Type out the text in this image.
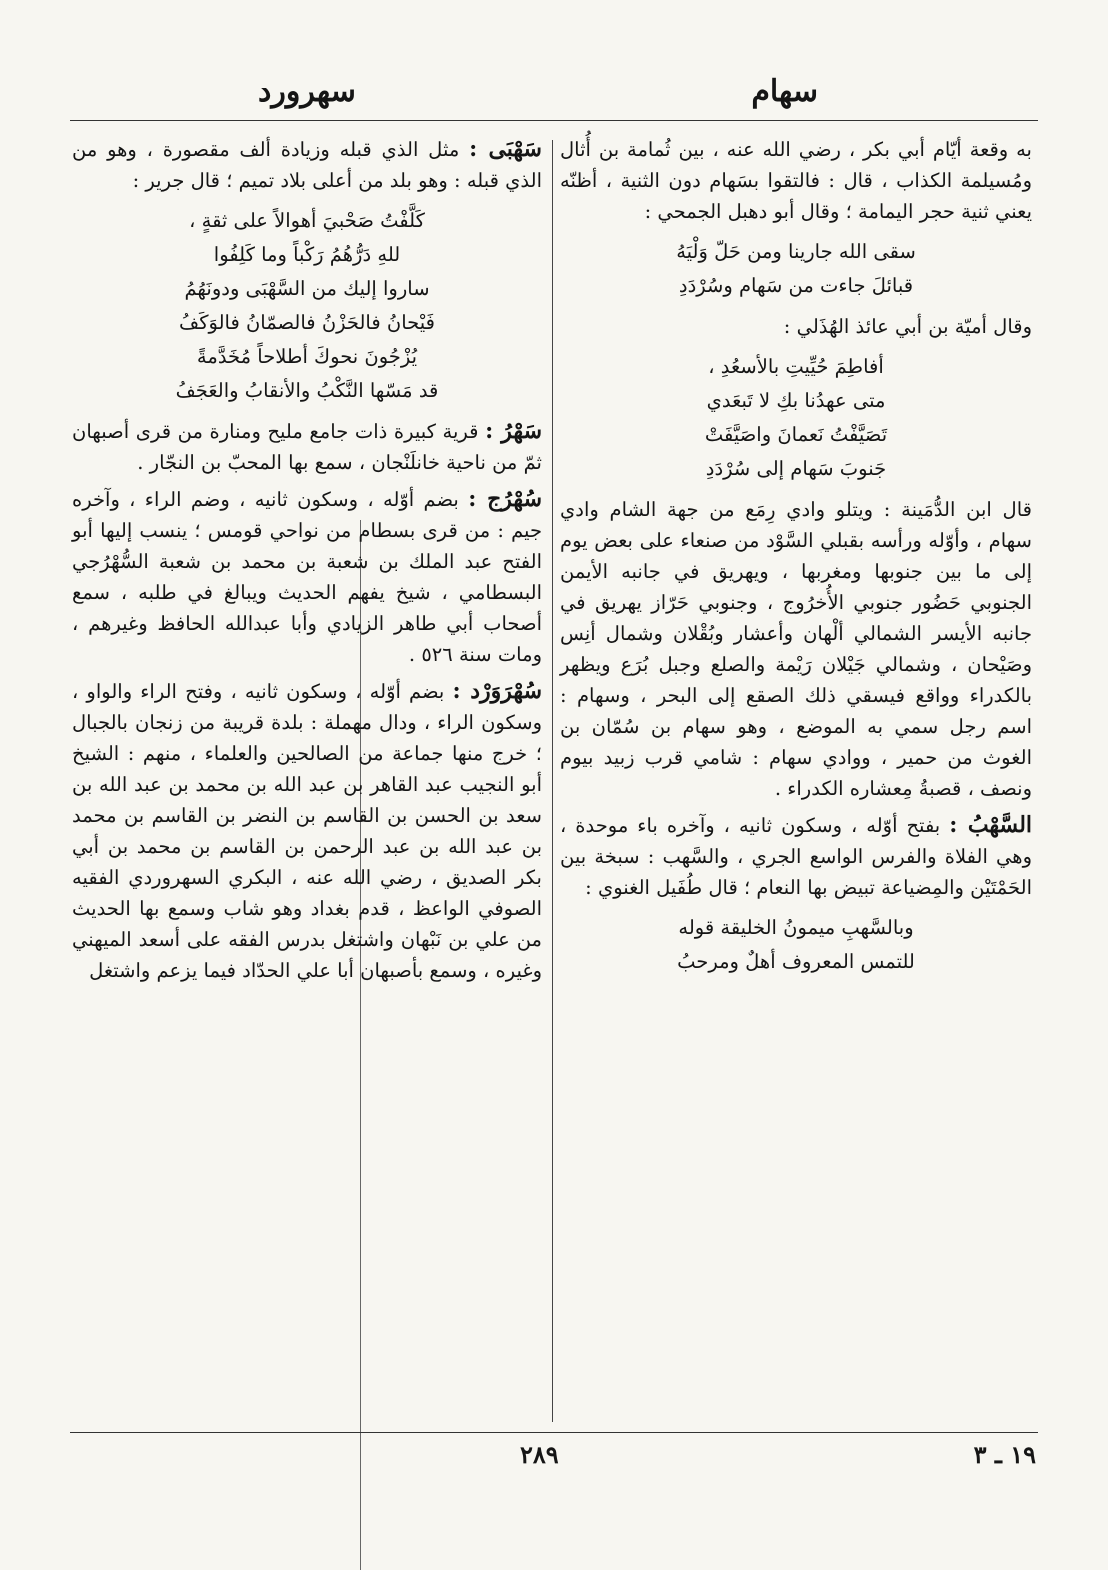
سهام
سهرورد

به وقعة أيّام أبي بكر ، رضي الله عنه ، بين ثُمامة بن أُثال ومُسيلمة الكذاب ، قال : فالتقوا بسَهام دون الثنية ، أظنّه يعني ثنية حجر اليمامة ؛ وقال أبو دهبل الجمحي :

سقى الله جارينا ومن حَلّ وَلْيَهُ
قبائلَ جاءت من سَهام وسُرْدَدِ

وقال أميّة بن أبي عائذ الهُذَلي :

أفاطِمَ حُيِّيتِ بالأسعُدِ ،
متى عهدُنا بكِ لا تَبعَدي
تَصَيَّفْتُ نَعمانَ واصَيَّفَتْ
جَنوبَ سَهام إلى سُرْدَدِ

قال ابن الدُّمَينة : ويتلو وادي رِمَع من جهة الشام وادي سهام ، وأوّله ورأسه بقبلي السَّوْد من صنعاء على بعض يوم إلى ما بين جنوبها ومغربها ، ويهريق في جانبه الأيمن الجنوبي حَضُور جنوبي الأُخرُوج ، وجنوبي حَرّاز يهريق في جانبه الأيسر الشمالي ألْهان وأعشار وبُقْلان وشمال أنِس وصَيْحان ، وشمالي جَيْلان رَيْمة والصلع وجبل بُرَع ويظهر بالكدراء وواقع فيسقي ذلك الصقع إلى البحر ، وسهام : اسم رجل سمي به الموضع ، وهو سهام بن سُمّان بن الغوث من حمير ، ووادي سهام : شامي قرب زبيد بيوم ونصف ، قصبةُ مِعشاره الكدراء .

السَّهْبُ : بفتح أوّله ، وسكون ثانيه ، وآخره باء موحدة ، وهي الفلاة والفرس الواسع الجري ، والسَّهب : سبخة بين الحَمْتَيْن والمِضياعة تبيض بها النعام ؛ قال طُفَيل الغنوي :

وبالسَّهبِ ميمونُ الخليقة قوله
للتمس المعروف أهلٌ ومرحبُ

سَهْبَى : مثل الذي قبله وزيادة ألف مقصورة ، وهو من الذي قبله : وهو بلد من أعلى بلاد تميم ؛ قال جرير :

كَلَّفْتُ صَحْبيَ أهوالاً على ثقةٍ ،
للهِ دَرُّهُمُ رَكْباً وما كَلِفُوا
ساروا إليك من السَّهْبَى ودونَهُمُ
فَيْحانُ فالحَزْنُ فالصمّانُ فالوَكَفُ
يُزْجُونَ نحوكَ أطلاحاً مُخَدَّمةً
قد مَسّها النَّكْبُ والأنقابُ والعَجَفُ

سَهْرُ : قرية كبيرة ذات جامع مليح ومنارة من قرى أصبهان ثمّ من ناحية خانلَنْجان ، سمع بها المحبّ بن النجّار .

سُهْرُج : بضم أوّله ، وسكون ثانيه ، وضم الراء ، وآخره جيم : من قرى بسطام من نواحي قومس ؛ ينسب إليها أبو الفتح عبد الملك بن شعبة بن محمد بن شعبة السُّهْرُجي البسطامي ، شيخ يفهم الحديث ويبالغ في طلبه ، سمع أصحاب أبي طاهر الزيادي وأبا عبدالله الحافظ وغيرهم ، ومات سنة ٥٢٦ .

سُهْرَوَرْد : بضم أوّله ، وسكون ثانيه ، وفتح الراء والواو ، وسكون الراء ، ودال مهملة : بلدة قريبة من زنجان بالجبال ؛ خرج منها جماعة من الصالحين والعلماء ، منهم : الشيخ أبو النجيب عبد القاهر بن عبد الله بن محمد بن عبد الله بن سعد بن الحسن بن القاسم بن النضر بن القاسم بن محمد بن عبد الله بن عبد الرحمن بن القاسم بن محمد بن أبي بكر الصديق ، رضي الله عنه ، البكري السهروردي الفقيه الصوفي الواعظ ، قدم بغداد وهو شاب وسمع بها الحديث من علي بن نَبْهان واشتغل بدرس الفقه على أسعد الميهني وغيره ، وسمع بأصبهان أبا علي الحدّاد فيما يزعم واشتغل

٢٨٩	١٩ ـ ٣
